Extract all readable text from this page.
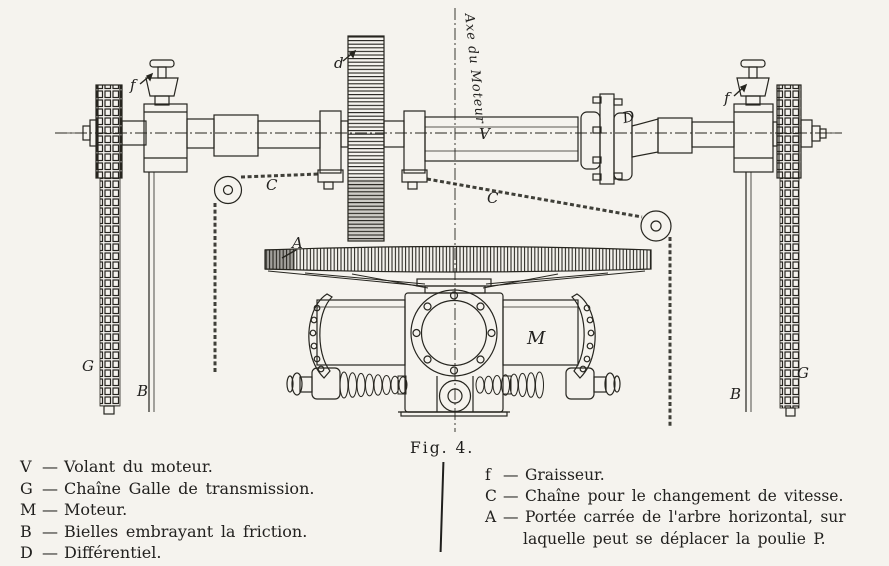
f
d
V
D
f
C
C
A
M
G
B	B
G
Axe du Moteur
Fig. 4.
V — Volant du moteur.
G — Chaîne Galle de transmission.
M — Moteur.
B — Bielles embrayant la friction.
D — Différentiel.
f — Graisseur.
C — Chaîne pour le changement de vitesse.
A — Portée carrée de l'arbre horizontal, sur
laquelle peut se déplacer la poulie P.
